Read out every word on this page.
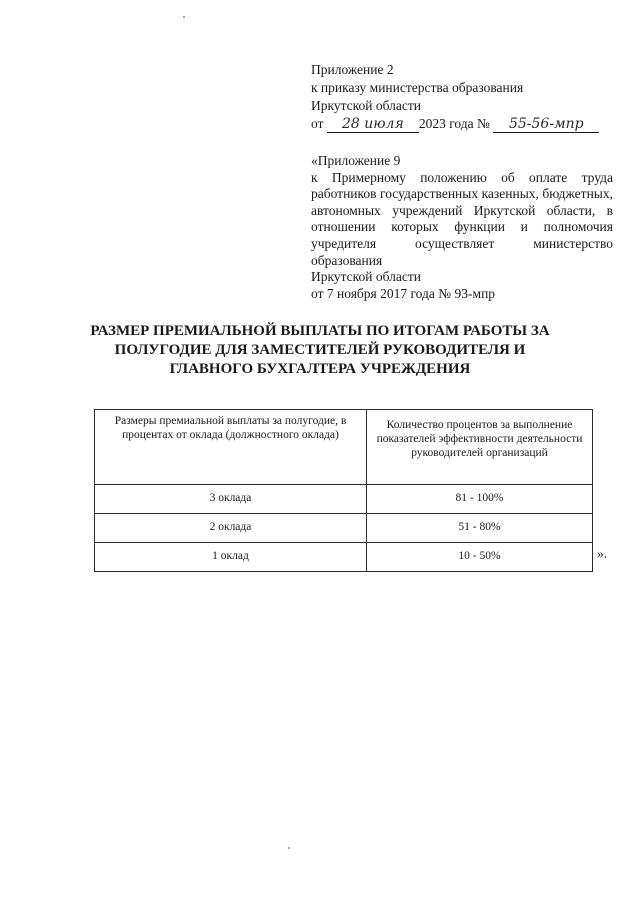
Приложение 2
к приказу министерства образования
Иркутской области
от 28 июля 2023 года № 55-56-мпр
«Приложение 9
к Примерному положению об оплате труда работников государственных казенных, бюджетных, автономных учреждений Иркутской области, в отношении которых функции и полномочия учредителя осуществляет министерство образования
Иркутской области
от 7 ноября 2017 года № 93-мпр
РАЗМЕР ПРЕМИАЛЬНОЙ ВЫПЛАТЫ ПО ИТОГАМ РАБОТЫ ЗА ПОЛУГОДИЕ ДЛЯ ЗАМЕСТИТЕЛЕЙ РУКОВОДИТЕЛЯ И ГЛАВНОГО БУХГАЛТЕРА УЧРЕЖДЕНИЯ
Размеры премиальной выплаты за полугодие, в процентах от оклада (должностного оклада)	Количество процентов за выполнение показателей эффективности деятельности руководителей организаций
3 оклада	81 - 100%
2 оклада	51 - 80%
1 оклад	10 - 50%	».
